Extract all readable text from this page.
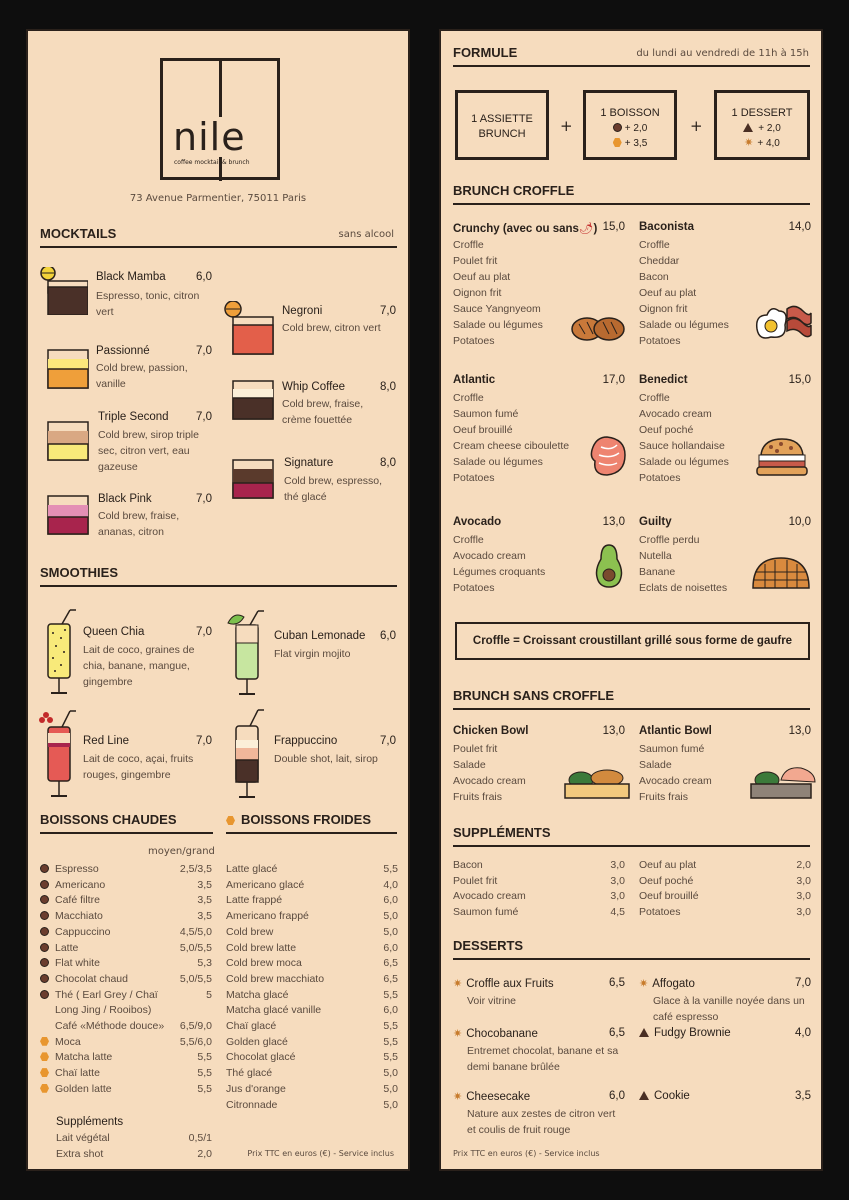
nile
coffee mocktail & brunch
73 Avenue Parmentier, 75011 Paris
MOCKTAILS	sans alcool
Black Mamba	6,0
Espresso, tonic, citron
vert
Passionné	7,0
Cold brew, passion,
vanille
Triple Second	7,0
Cold brew, sirop triple
sec, citron vert, eau
gazeuse
Black Pink	7,0
Cold brew, fraise,
ananas, citron
Negroni	7,0
Cold brew, citron vert
Whip Coffee	8,0
Cold brew, fraise,
crème fouettée
Signature	8,0
Cold brew, espresso,
thé glacé
SMOOTHIES
Queen Chia	7,0
Lait de coco, graines de
chia, banane, mangue,
gingembre
Red Line	7,0
Lait de coco, açai, fruits
rouges, gingembre
Cuban Lemonade	6,0
Flat virgin mojito
Frappuccino	7,0
Double shot, lait, sirop
BOISSONS CHAUDES
moyen/grand
Espresso	2,5/3,5
Americano	3,5
Café filtre	3,5
Macchiato	3,5
Cappuccino	4,5/5,0
Latte	5,0/5,5
Flat white	5,3
Chocolat chaud	5,0/5,5
Thé ( Earl Grey / Chaï	5
Long Jing / Rooibos)
Café «Méthode douce» 6,5/9,0
Moca	5,5/6,0
Matcha latte	5,5
Chaï latte	5,5
Golden latte	5,5
Suppléments
Lait végétal	0,5/1
Extra shot	2,0
BOISSONS FROIDES
Latte glacé	5,5
Americano glacé	4,0
Latte frappé	6,0
Americano frappé	5,0
Cold brew	5,0
Cold brew latte	6,0
Cold brew moca	6,5
Cold brew macchiato	6,5
Matcha glacé	5,5
Matcha glacé vanille	6,0
Chaï glacé	5,5
Golden glacé	5,5
Chocolat glacé	5,5
Thé glacé	5,0
Jus d'orange	5,0
Citronnade	5,0
Prix TTC en euros (€) - Service inclus
FORMULE	du lundi au vendredi de 11h à 15h
1 ASSIETTE
BRUNCH	+
1 BOISSON
+ 2,0
+ 3,5
+
1 DESSERT
+ 2,0
✷ + 4,0
BRUNCH CROFFLE
Crunchy (avec ou sans🌶) 15,0
Croffle
Poulet frit
Oeuf au plat
Oignon frit
Sauce Yangnyeom
Salade ou légumes
Potatoes
Baconista	14,0
Croffle
Cheddar
Bacon
Oeuf au plat
Oignon frit
Salade ou légumes
Potatoes
Atlantic	17,0
Croffle
Saumon fumé
Oeuf brouillé
Cream cheese ciboulette
Salade ou légumes
Potatoes
Benedict	15,0
Croffle
Avocado cream
Oeuf poché
Sauce hollandaise
Salade ou légumes
Potatoes
Avocado	13,0
Croffle
Avocado cream
Légumes croquants
Potatoes
Guilty	10,0
Croffle perdu
Nutella
Banane
Eclats de noisettes
Croffle = Croissant croustillant grillé sous forme de gaufre
BRUNCH SANS CROFFLE
Chicken Bowl	13,0
Poulet frit
Salade
Avocado cream
Fruits frais
Atlantic Bowl	13,0
Saumon fumé
Salade
Avocado cream
Fruits frais
SUPPLÉMENTS
Bacon	3,0
Poulet frit	3,0
Avocado cream	3,0
Saumon fumé	4,5
Oeuf au plat	2,0
Oeuf poché	3,0
Oeuf brouillé	3,0
Potatoes	3,0
DESSERTS
✷ Croffle aux Fruits	6,5
Voir vitrine
✷ Chocobanane	6,5
Entremet chocolat, banane et sa
demi banane brûlée
✷ Cheesecake	6,0
Nature aux zestes de citron vert
et coulis de fruit rouge
✷ Affogato	7,0
Glace à la vanille noyée dans un
café espresso
Fudgy Brownie	4,0
Cookie	3,5
Prix TTC en euros (€) - Service inclus
